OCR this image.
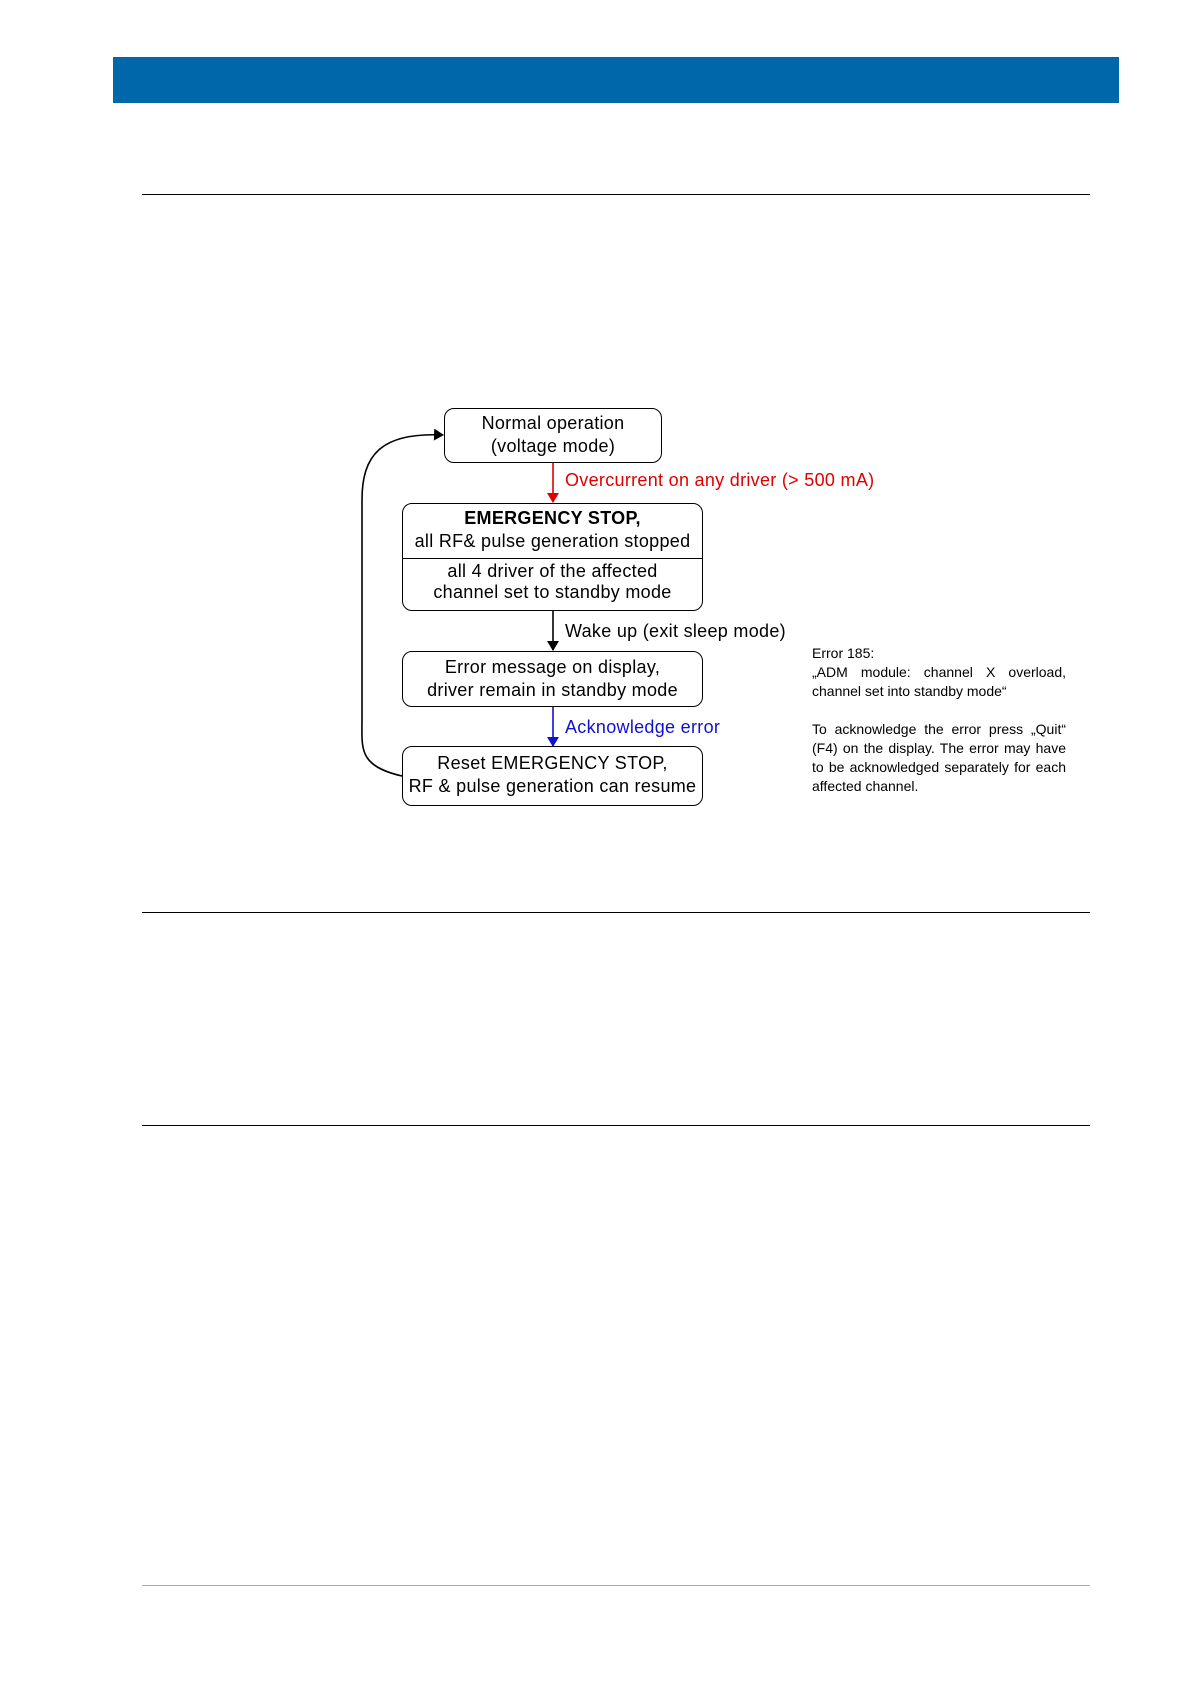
Normal operation
(voltage mode)
Overcurrent on any driver (> 500 mA)
EMERGENCY STOP,
all RF& pulse generation stopped
all 4 driver of the affected
channel set to standby mode
Wake up (exit sleep mode)
Error message on display,
driver remain in standby mode
Acknowledge error
Reset EMERGENCY STOP,
RF & pulse generation can resume
Error 185:
„ADM module: channel X overload, channel set into standby mode“
To acknowledge the error press „Quit“ (F4) on the display. The error may have to be acknowledged separately for each affected channel.
